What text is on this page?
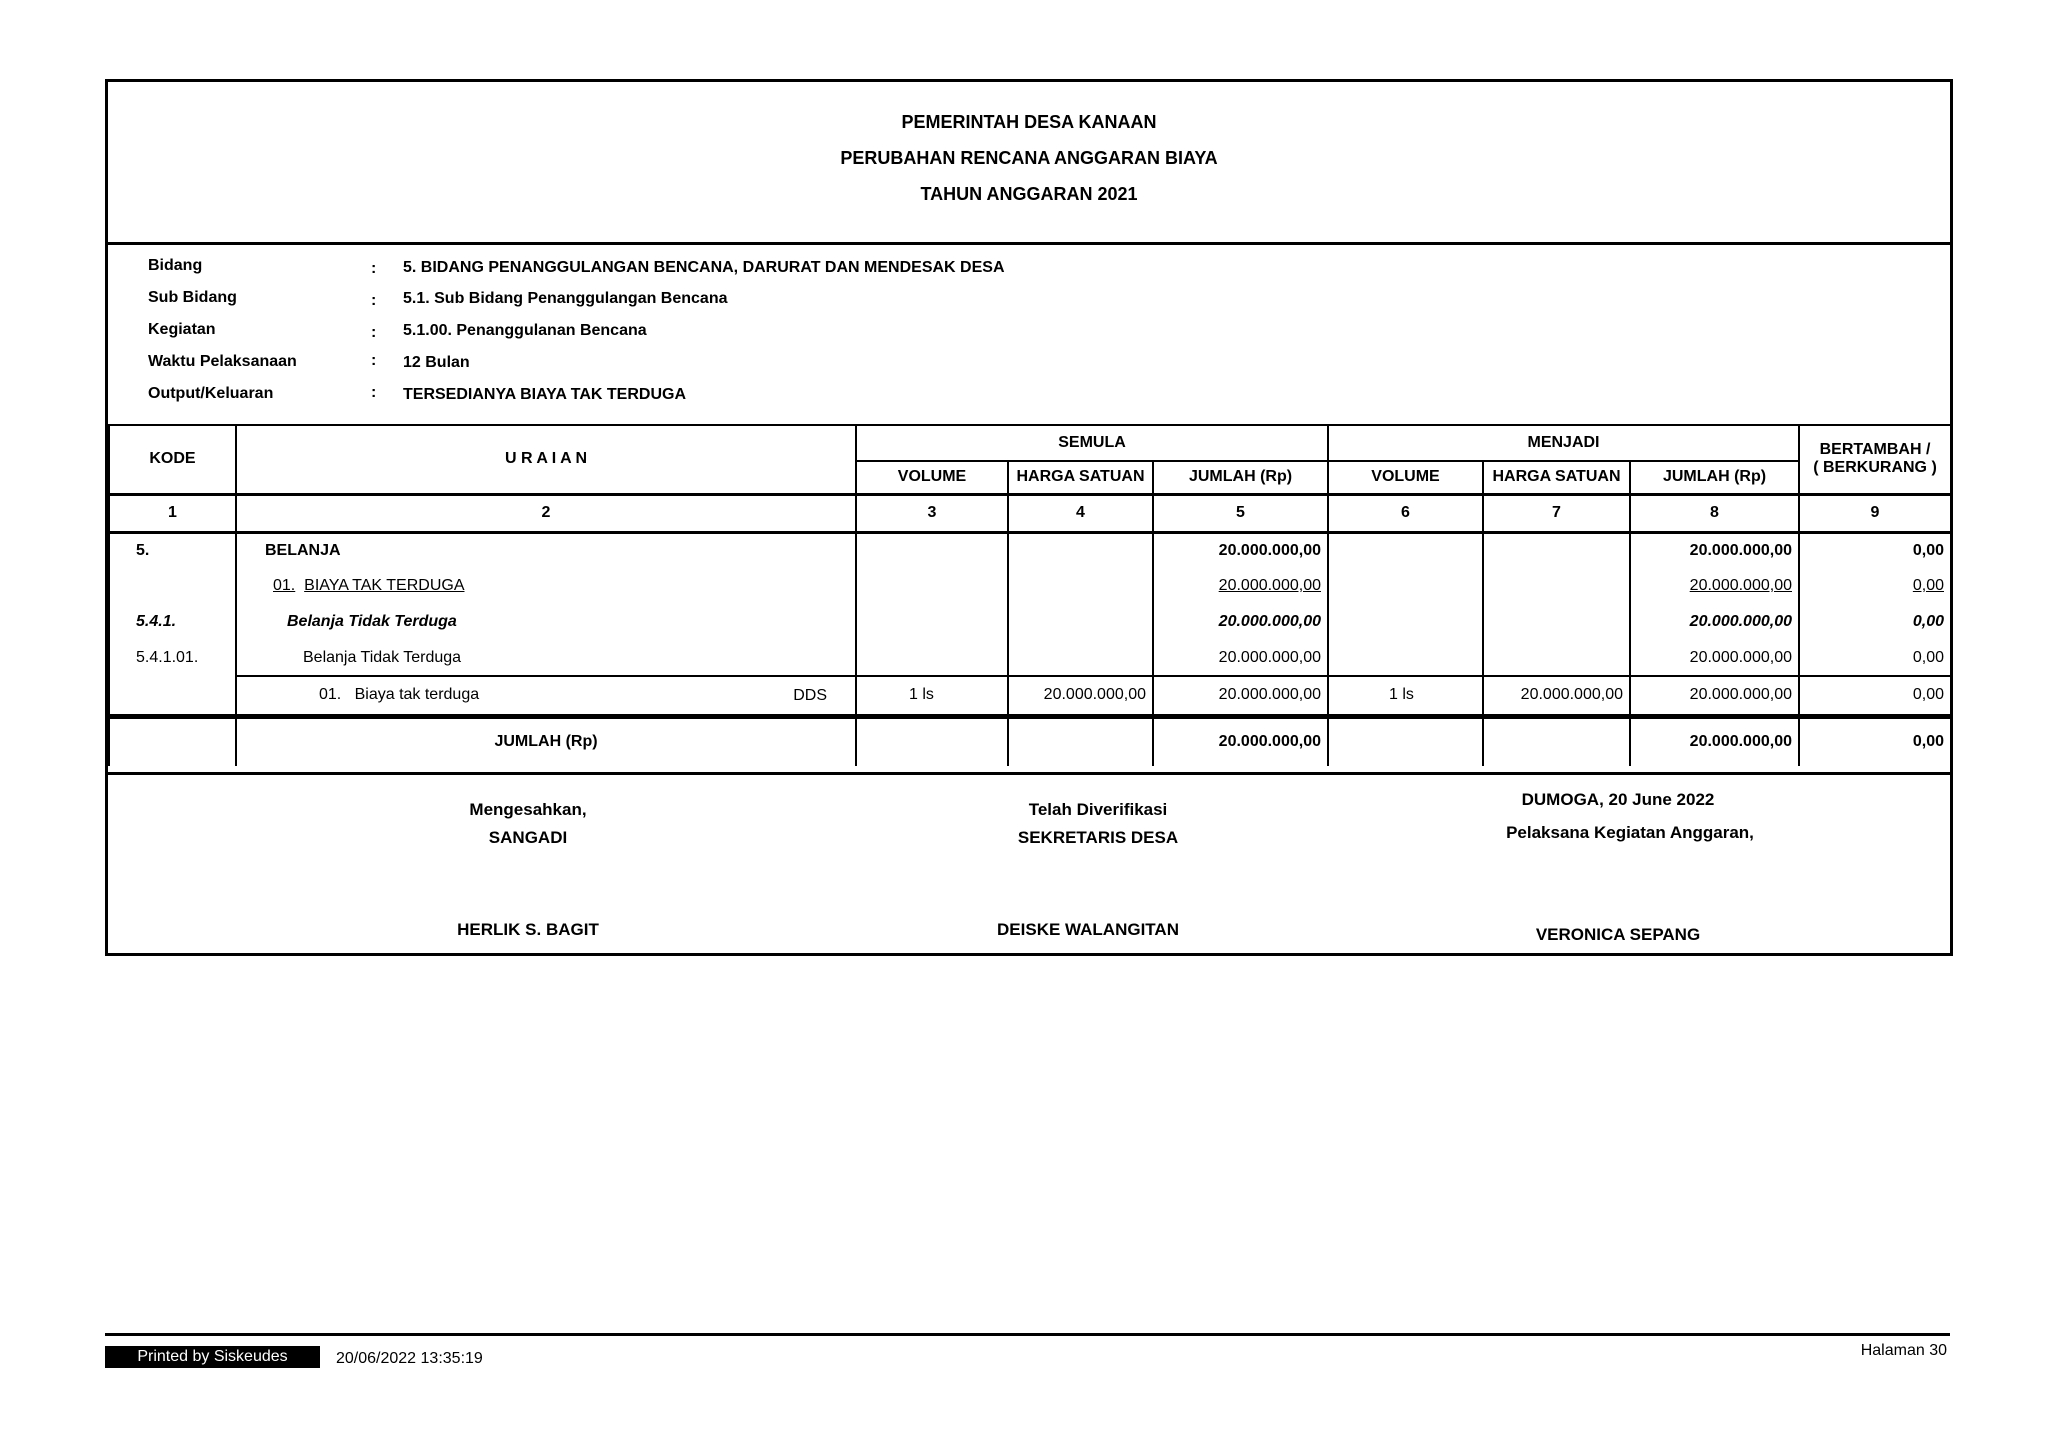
PEMERINTAH DESA KANAAN
PERUBAHAN RENCANA ANGGARAN BIAYA
TAHUN ANGGARAN 2021
Bidang	: 5. BIDANG PENANGGULANGAN BENCANA, DARURAT DAN MENDESAK DESA
Sub Bidang	: 5.1. Sub Bidang Penanggulangan Bencana
Kegiatan	: 5.1.00. Penanggulanan Bencana
Waktu Pelaksanaan	: 12 Bulan
Output/Keluaran	: TERSEDIANYA BIAYA TAK TERDUGA
KODE	U R A I A N	SEMULA			MENJADI			BERTAMBAH /
( BERKURANG )

		VOLUME	HARGA SATUAN	JUMLAH (Rp)	VOLUME	HARGA SATUAN	JUMLAH (Rp)	
1	2	3	4	5	6	7	8	9
5.	BELANJA			20.000.000,00			20.000.000,00	0,00
	01. BIAYA TAK TERDUGA			20.000.000,00			20.000.000,00	0,00
5.4.1.	Belanja Tidak Terduga			20.000.000,00			20.000.000,00	0,00
5.4.1.01.	Belanja Tidak Terduga			20.000.000,00			20.000.000,00	0,00
	01. Biaya tak terduga DDS	1 ls	20.000.000,00	20.000.000,00	1 ls	20.000.000,00	20.000.000,00	0,00
	JUMLAH (Rp)			20.000.000,00			20.000.000,00	0,00
Mengesahkan,
SANGADI
HERLIK S. BAGIT
Telah Diverifikasi
SEKRETARIS DESA
DEISKE WALANGITAN
DUMOGA, 20 June 2022
Pelaksana Kegiatan Anggaran,
VERONICA SEPANG
Printed by Siskeudes	20/06/2022 13:35:19	Halaman 30
